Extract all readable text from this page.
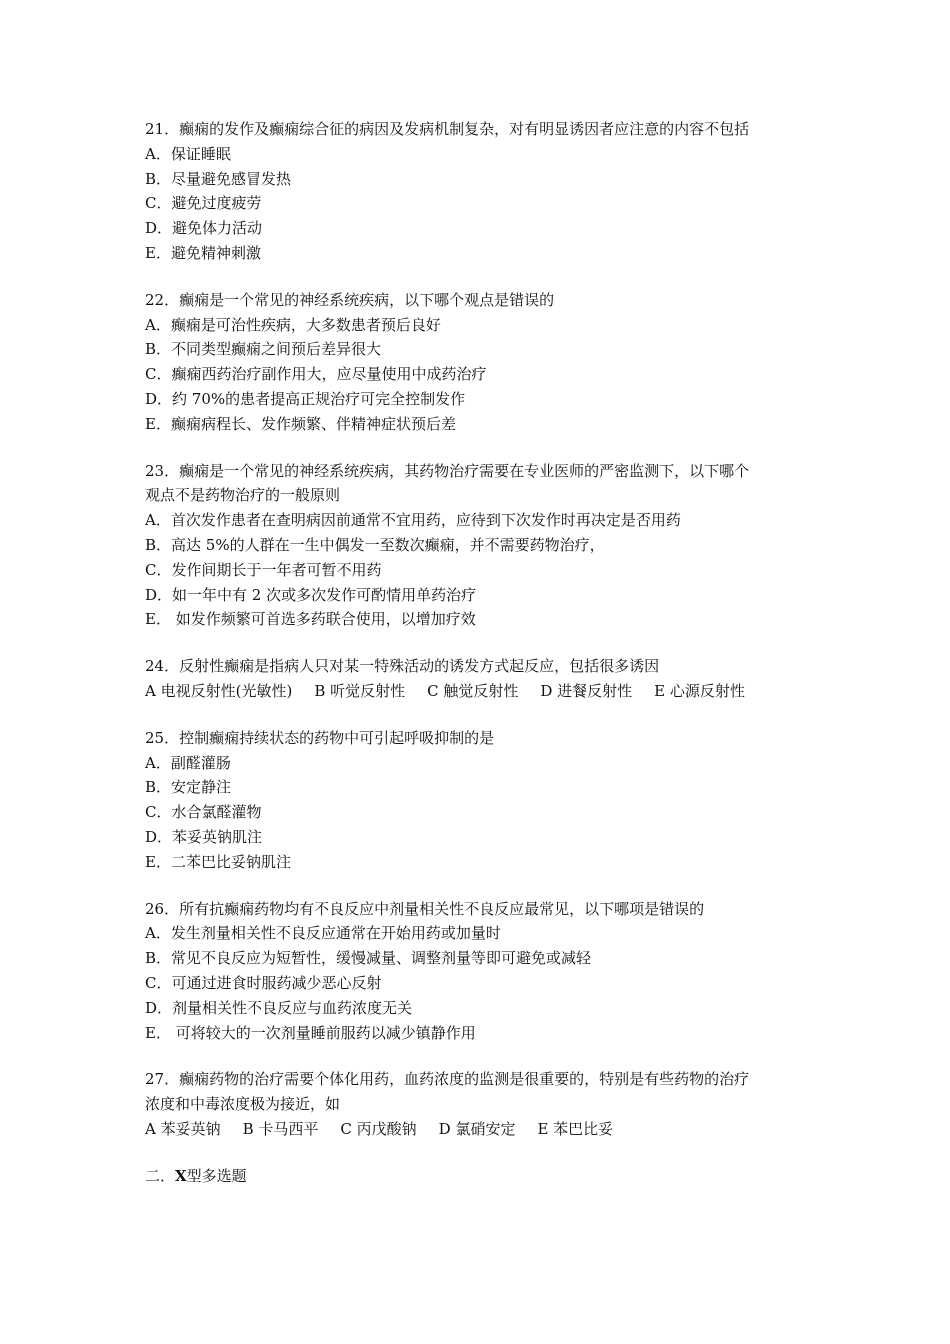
21．癫痫的发作及癫痫综合征的病因及发病机制复杂，对有明显诱因者应注意的内容不包括
A．保证睡眠
B．尽量避免感冒发热
C．避免过度疲劳
D．避免体力活动
E．避免精神刺激
22．癫痫是一个常见的神经系统疾病，以下哪个观点是错误的
A．癫痫是可治性疾病，大多数患者预后良好
B．不同类型癫痫之间预后差异很大
C．癫痫西药治疗副作用大，应尽量使用中成药治疗
D．约 70%的患者提高正规治疗可完全控制发作
E．癫痫病程长、发作频繁、伴精神症状预后差
23．癫痫是一个常见的神经系统疾病，其药物治疗需要在专业医师的严密监测下，以下哪个
观点不是药物治疗的一般原则
A．首次发作患者在查明病因前通常不宜用药，应待到下次发作时再决定是否用药
B．高达 5%的人群在一生中偶发一至数次癫痫，并不需要药物治疗，
C．发作间期长于一年者可暂不用药
D．如一年中有 2 次或多次发作可酌情用单药治疗
E． 如发作频繁可首选多药联合使用，以增加疗效
24．反射性癫痫是指病人只对某一特殊活动的诱发方式起反应，包括很多诱因
A 电视反射性(光敏性) B 听觉反射性 C 触觉反射性 D 进餐反射性 E 心源反射性
25．控制癫痫持续状态的药物中可引起呼吸抑制的是
A．副醛灌肠
B．安定静注
C．水合氯醛灌物
D．苯妥英钠肌注
E．二苯巴比妥钠肌注
26．所有抗癫痫药物均有不良反应中剂量相关性不良反应最常见，以下哪项是错误的
A．发生剂量相关性不良反应通常在开始用药或加量时
B．常见不良反应为短暂性，缓慢减量、调整剂量等即可避免或减轻
C．可通过进食时服药减少恶心反射
D．剂量相关性不良反应与血药浓度无关
E． 可将较大的一次剂量睡前服药以减少镇静作用
27．癫痫药物的治疗需要个体化用药，血药浓度的监测是很重要的，特别是有些药物的治疗
浓度和中毒浓度极为接近，如
A 苯妥英钠 B 卡马西平 C 丙戊酸钠 D 氯硝安定 E 苯巴比妥
二．X型多选题
